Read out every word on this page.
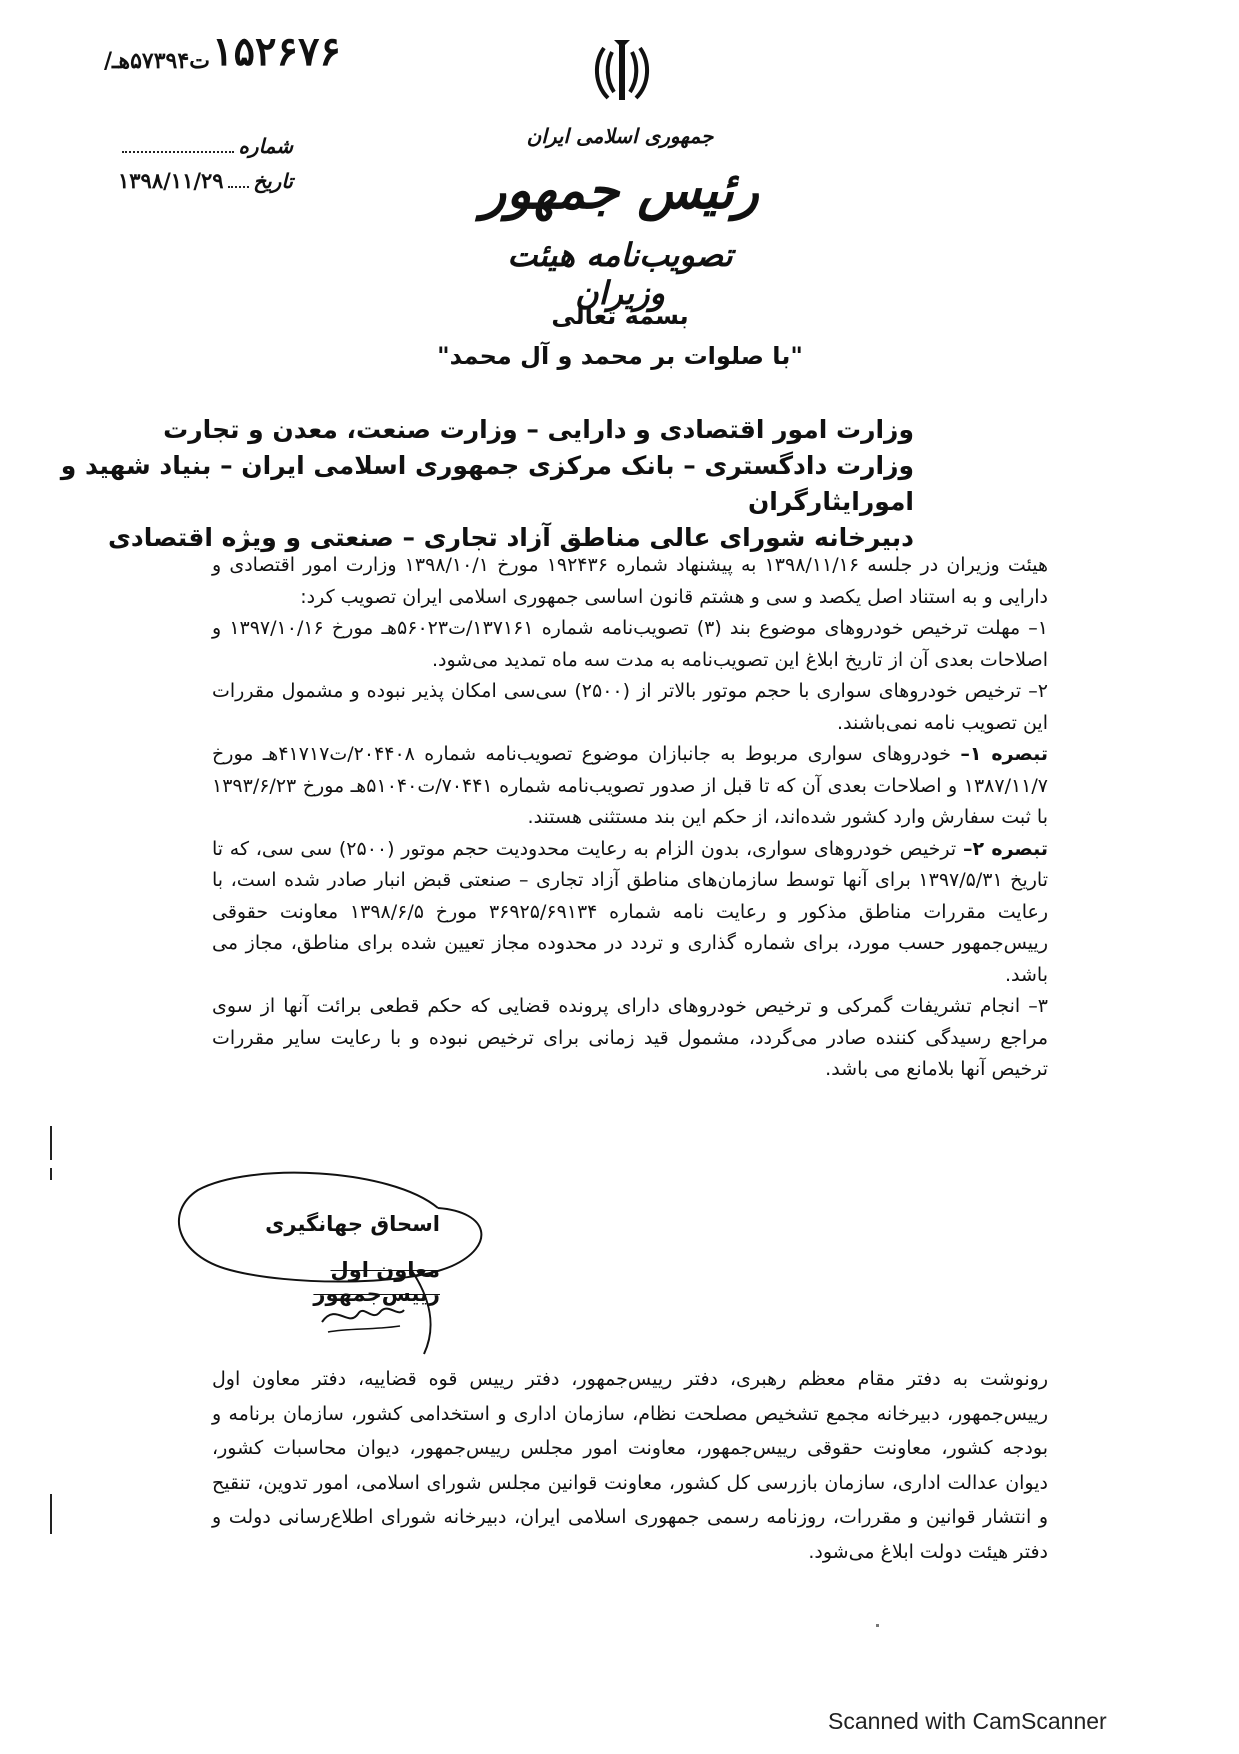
۱۵۲۶۷۶
/ت۵۷۳۹۴هـ
شماره
تاریخ
۱۳۹۸/۱۱/۲۹
جمهوری اسلامی ایران
رئیس جمهور
تصویب‌نامه هیئت وزیران
بسمه تعالی
"با صلوات بر محمد و آل محمد"
وزارت امور اقتصادی و دارایی – وزارت صنعت، معدن و تجارت
وزارت دادگستری – بانک مرکزی جمهوری اسلامی ایران – بنیاد شهید و امورایثارگران
دبیرخانه شورای عالی مناطق آزاد تجاری – صنعتی و ویژه اقتصادی

هیئت وزیران در جلسه ۱۳۹۸/۱۱/۱۶ به پیشنهاد شماره ۱۹۲۴۳۶ مورخ ۱۳۹۸/۱۰/۱ وزارت امور اقتصادی و دارایی و به استناد اصل یکصد و سی و هشتم قانون اساسی جمهوری اسلامی ایران تصویب کرد:

۱– مهلت ترخیص خودروهای موضوع بند (۳) تصویب‌نامه شماره ۱۳۷۱۶۱/ت۵۶۰۲۳هـ مورخ ۱۳۹۷/۱۰/۱۶ و اصلاحات بعدی آن از تاریخ ابلاغ این تصویب‌نامه به مدت سه ماه تمدید می‌شود.

۲– ترخیص خودروهای سواری با حجم موتور بالاتر از (۲۵۰۰) سی‌سی امکان پذیر نبوده و مشمول مقررات این تصویب نامه نمی‌باشند.

تبصره ۱– خودروهای سواری مربوط به جانبازان موضوع تصویب‌نامه شماره ۲۰۴۴۰۸/ت۴۱۷۱۷هـ مورخ ۱۳۸۷/۱۱/۷ و اصلاحات بعدی آن که تا قبل از صدور تصویب‌نامه شماره ۷۰۴۴۱/ت۵۱۰۴۰هـ مورخ ۱۳۹۳/۶/۲۳ با ثبت سفارش وارد کشور شده‌اند، از حکم این بند مستثنی هستند.

تبصره ۲– ترخیص خودروهای سواری، بدون الزام به رعایت محدودیت حجم موتور (۲۵۰۰) سی سی، که تا تاریخ ۱۳۹۷/۵/۳۱ برای آنها توسط سازمان‌های مناطق آزاد تجاری – صنعتی قبض انبار صادر شده است، با رعایت مقررات مناطق مذکور و رعایت نامه شماره ۳۶۹۲۵/۶۹۱۳۴ مورخ ۱۳۹۸/۶/۵ معاونت حقوقی رییس‌جمهور حسب مورد، برای شماره گذاری و تردد در محدوده مجاز تعیین شده برای مناطق، مجاز می باشد.

۳– انجام تشریفات گمرکی و ترخیص خودروهای دارای پرونده قضایی که حکم قطعی برائت آنها از سوی مراجع رسیدگی کننده صادر می‌گردد، مشمول قید زمانی برای ترخیص نبوده و با رعایت سایر مقررات ترخیص آنها بلامانع می باشد.

اسحاق جهانگیری
معاون اول رییس‌جمهور
رونوشت به دفتر مقام معظم رهبری، دفتر رییس‌جمهور، دفتر رییس قوه قضاییه، دفتر معاون اول رییس‌جمهور، دبیرخانه مجمع تشخیص مصلحت نظام، سازمان اداری و استخدامی کشور، سازمان برنامه و بودجه کشور، معاونت حقوقی رییس‌جمهور، معاونت امور مجلس رییس‌جمهور، دیوان محاسبات کشور، دیوان عدالت اداری، سازمان بازرسی کل کشور، معاونت قوانین مجلس شورای اسلامی، امور تدوین، تنقیح و انتشار قوانین و مقررات، روزنامه رسمی جمهوری اسلامی ایران، دبیرخانه شورای اطلاع‌رسانی دولت و دفتر هیئت دولت ابلاغ می‌شود.
Scanned with CamScanner
